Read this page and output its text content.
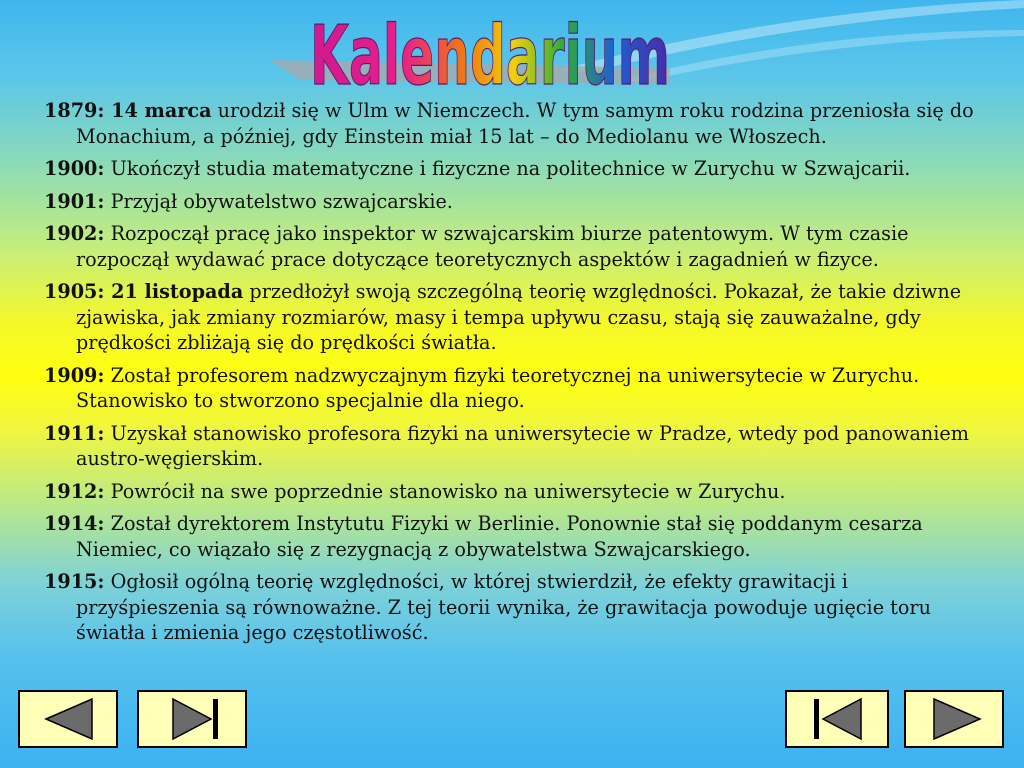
Kalendarium

1879: 14 marca urodził się w Ulm w Niemczech. W tym samym roku rodzina przeniosła się do Monachium, a później, gdy Einstein miał 15 lat – do Mediolanu we Włoszech.

1900: Ukończył studia matematyczne i fizyczne na politechnice w Zurychu w Szwajcarii.

1901: Przyjął obywatelstwo szwajcarskie.

1902: Rozpoczął pracę jako inspektor w szwajcarskim biurze patentowym. W tym czasie rozpoczął wydawać prace dotyczące teoretycznych aspektów i zagadnień w fizyce.

1905: 21 listopada przedłożył swoją szczególną teorię względności. Pokazał, że takie dziwne zjawiska, jak zmiany rozmiarów, masy i tempa upływu czasu, stają się zauważalne, gdy prędkości zbliżają się do prędkości światła.

1909: Został profesorem nadzwyczajnym fizyki teoretycznej na uniwersytecie w Zurychu. Stanowisko to stworzono specjalnie dla niego.

1911: Uzyskał stanowisko profesora fizyki na uniwersytecie w Pradze, wtedy pod panowaniem austro-węgierskim.

1912: Powrócił na swe poprzednie stanowisko na uniwersytecie w Zurychu.

1914: Został dyrektorem Instytutu Fizyki w Berlinie. Ponownie stał się poddanym cesarza Niemiec, co wiązało się z rezygnacją z obywatelstwa Szwajcarskiego.

1915: Ogłosił ogólną teorię względności, w której stwierdził, że efekty grawitacji i przyśpieszenia są równoważne. Z tej teorii wynika, że grawitacja powoduje ugięcie toru światła i zmienia jego częstotliwość.
